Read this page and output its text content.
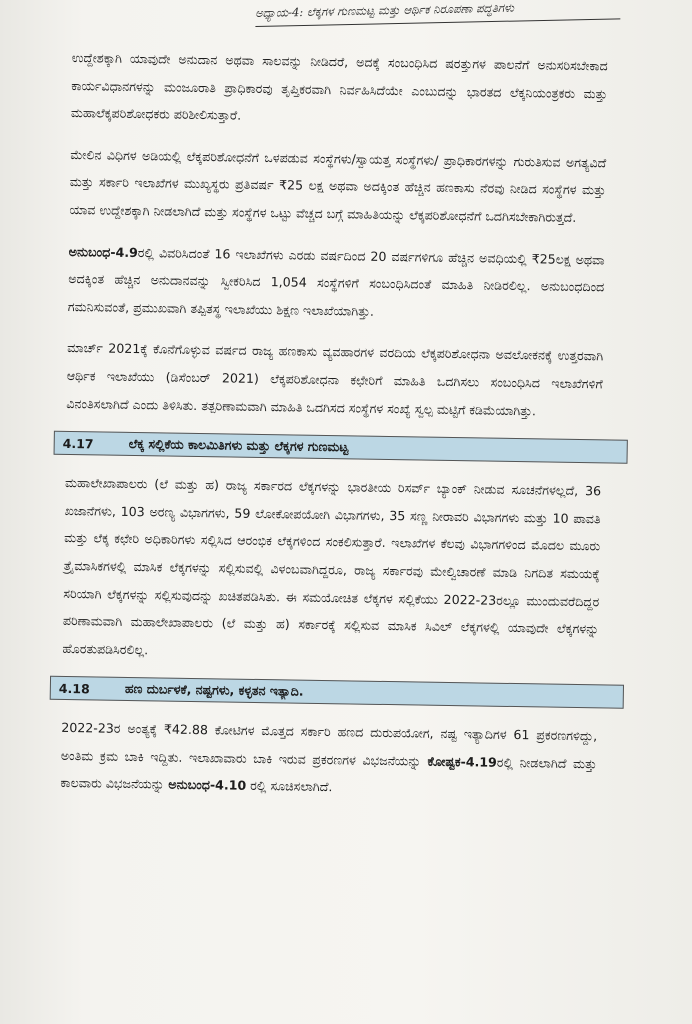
ಅಧ್ಯಾಯ-4: ಲೆಕ್ಕಗಳ ಗುಣಮಟ್ಟ ಮತ್ತು ಆರ್ಥಿಕ ನಿರೂಪಣಾ ಪದ್ಧತಿಗಳು

ಉದ್ದೇಶಕ್ಕಾಗಿ ಯಾವುದೇ ಅನುದಾನ ಅಥವಾ ಸಾಲವನ್ನು ನೀಡಿದರೆ, ಅದಕ್ಕೆ ಸಂಬಂಧಿಸಿದ ಷರತ್ತುಗಳ ಪಾಲನೆಗೆ ಅನುಸರಿಸಬೇಕಾದ ಕಾರ್ಯವಿಧಾನಗಳನ್ನು ಮಂಜೂರಾತಿ ಪ್ರಾಧಿಕಾರವು ತೃಪ್ತಿಕರವಾಗಿ ನಿರ್ವಹಿಸಿದೆಯೇ ಎಂಬುದನ್ನು ಭಾರತದ ಲೆಕ್ಕನಿಯಂತ್ರಕರು ಮತ್ತು ಮಹಾಲೆಕ್ಕಪರಿಶೋಧಕರು ಪರಿಶೀಲಿಸುತ್ತಾರೆ.

ಮೇಲಿನ ವಿಧಿಗಳ ಅಡಿಯಲ್ಲಿ ಲೆಕ್ಕಪರಿಶೋಧನೆಗೆ ಒಳಪಡುವ ಸಂಸ್ಥೆಗಳು/ಸ್ವಾಯತ್ತ ಸಂಸ್ಥೆಗಳು/ ಪ್ರಾಧಿಕಾರಗಳನ್ನು ಗುರುತಿಸುವ ಅಗತ್ಯವಿದೆ ಮತ್ತು ಸರ್ಕಾರಿ ಇಲಾಖೆಗಳ ಮುಖ್ಯಸ್ಥರು ಪ್ರತಿವರ್ಷ ₹25 ಲಕ್ಷ ಅಥವಾ ಅದಕ್ಕಿಂತ ಹೆಚ್ಚಿನ ಹಣಕಾಸು ನೆರವು ನೀಡಿದ ಸಂಸ್ಥೆಗಳ ಮತ್ತು ಯಾವ ಉದ್ದೇಶಕ್ಕಾಗಿ ನೀಡಲಾಗಿದೆ ಮತ್ತು ಸಂಸ್ಥೆಗಳ ಒಟ್ಟು ವೆಚ್ಚದ ಬಗ್ಗೆ ಮಾಹಿತಿಯನ್ನು ಲೆಕ್ಕಪರಿಶೋಧನೆಗೆ ಒದಗಿಸಬೇಕಾಗಿರುತ್ತದೆ.

ಅನುಬಂಧ-4.9ರಲ್ಲಿ ವಿವರಿಸಿದಂತೆ 16 ಇಲಾಖೆಗಳು ಎರಡು ವರ್ಷದಿಂದ 20 ವರ್ಷಗಳಿಗೂ ಹೆಚ್ಚಿನ ಅವಧಿಯಲ್ಲಿ ₹25ಲಕ್ಷ ಅಥವಾ ಅದಕ್ಕಿಂತ ಹೆಚ್ಚಿನ ಅನುದಾನವನ್ನು ಸ್ವೀಕರಿಸಿದ 1,054 ಸಂಸ್ಥೆಗಳಿಗೆ ಸಂಬಂಧಿಸಿದಂತೆ ಮಾಹಿತಿ ನೀಡಿರಲಿಲ್ಲ. ಅನುಬಂಧದಿಂದ ಗಮನಿಸುವಂತೆ, ಪ್ರಮುಖವಾಗಿ ತಪ್ಪಿತಸ್ಥ ಇಲಾಖೆಯು ಶಿಕ್ಷಣ ಇಲಾಖೆಯಾಗಿತ್ತು.

ಮಾರ್ಚ್ 2021ಕ್ಕೆ ಕೊನೆಗೊಳ್ಳುವ ವರ್ಷದ ರಾಜ್ಯ ಹಣಕಾಸು ವ್ಯವಹಾರಗಳ ವರದಿಯ ಲೆಕ್ಕಪರಿಶೋಧನಾ ಅವಲೋಕನಕ್ಕೆ ಉತ್ತರವಾಗಿ ಆರ್ಥಿಕ ಇಲಾಖೆಯು (ಡಿಸೆಂಬರ್ 2021) ಲೆಕ್ಕಪರಿಶೋಧನಾ ಕಛೇರಿಗೆ ಮಾಹಿತಿ ಒದಗಿಸಲು ಸಂಬಂಧಿಸಿದ ಇಲಾಖೆಗಳಿಗೆ ವಿನಂತಿಸಲಾಗಿದೆ ಎಂದು ತಿಳಿಸಿತು. ತತ್ಪರಿಣಾಮವಾಗಿ ಮಾಹಿತಿ ಒದಗಿಸದ ಸಂಸ್ಥೆಗಳ ಸಂಖ್ಯೆ ಸ್ವಲ್ಪ ಮಟ್ಟಿಗೆ ಕಡಿಮೆಯಾಗಿತ್ತು.

4.17	ಲೆಕ್ಕ ಸಲ್ಲಿಕೆಯ ಕಾಲಮಿತಿಗಳು ಮತ್ತು ಲೆಕ್ಕಗಳ ಗುಣಮಟ್ಟ

ಮಹಾಲೇಖಾಪಾಲರು (ಲೆ ಮತ್ತು ಹ) ರಾಜ್ಯ ಸರ್ಕಾರದ ಲೆಕ್ಕಗಳನ್ನು ಭಾರತೀಯ ರಿಸರ್ವ್ ಬ್ಯಾಂಕ್ ನೀಡುವ ಸೂಚನೆಗಳಲ್ಲದೆ, 36 ಖಜಾನೆಗಳು, 103 ಅರಣ್ಯ ವಿಭಾಗಗಳು, 59 ಲೋಕೋಪಯೋಗಿ ವಿಭಾಗಗಳು, 35 ಸಣ್ಣ ನೀರಾವರಿ ವಿಭಾಗಗಳು ಮತ್ತು 10 ಪಾವತಿ ಮತ್ತು ಲೆಕ್ಕ ಕಛೇರಿ ಅಧಿಕಾರಿಗಳು ಸಲ್ಲಿಸಿದ ಆರಂಭಿಕ ಲೆಕ್ಕಗಳಿಂದ ಸಂಕಲಿಸುತ್ತಾರೆ. ಇಲಾಖೆಗಳ ಕೆಲವು ವಿಭಾಗಗಳಿಂದ ಮೊದಲ ಮೂರು ತ್ರೈಮಾಸಿಕಗಳಲ್ಲಿ ಮಾಸಿಕ ಲೆಕ್ಕಗಳನ್ನು ಸಲ್ಲಿಸುವಲ್ಲಿ ವಿಳಂಬವಾಗಿದ್ದರೂ, ರಾಜ್ಯ ಸರ್ಕಾರವು ಮೇಲ್ವಿಚಾರಣೆ ಮಾಡಿ ನಿಗದಿತ ಸಮಯಕ್ಕೆ ಸರಿಯಾಗಿ ಲೆಕ್ಕಗಳನ್ನು ಸಲ್ಲಿಸುವುದನ್ನು ಖಚಿತಪಡಿಸಿತು. ಈ ಸಮಯೋಚಿತ ಲೆಕ್ಕಗಳ ಸಲ್ಲಿಕೆಯು 2022-23ರಲ್ಲೂ ಮುಂದುವರೆದಿದ್ದರ ಪರಿಣಾಮವಾಗಿ ಮಹಾಲೇಖಾಪಾಲರು (ಲೆ ಮತ್ತು ಹ) ಸರ್ಕಾರಕ್ಕೆ ಸಲ್ಲಿಸುವ ಮಾಸಿಕ ಸಿವಿಲ್ ಲೆಕ್ಕಗಳಲ್ಲಿ ಯಾವುದೇ ಲೆಕ್ಕಗಳನ್ನು ಹೊರತುಪಡಿಸಿರಲಿಲ್ಲ.

4.18	ಹಣ ದುರ್ಬಳಕೆ, ನಷ್ಟಗಳು, ಕಳ್ಳತನ ಇತ್ಯಾದಿ.

2022-23ರ ಅಂತ್ಯಕ್ಕೆ ₹42.88 ಕೋಟಿಗಳ ಮೊತ್ತದ ಸರ್ಕಾರಿ ಹಣದ ದುರುಪಯೋಗ, ನಷ್ಟ ಇತ್ಯಾದಿಗಳ 61 ಪ್ರಕರಣಗಳಿದ್ದು, ಅಂತಿಮ ಕ್ರಮ ಬಾಕಿ ಇದ್ದಿತು. ಇಲಾಖಾವಾರು ಬಾಕಿ ಇರುವ ಪ್ರಕರಣಗಳ ವಿಭಜನೆಯನ್ನು ಕೋಷ್ಟಕ-4.19ರಲ್ಲಿ ನೀಡಲಾಗಿದೆ ಮತ್ತು ಕಾಲವಾರು ವಿಭಜನೆಯನ್ನು ಅನುಬಂಧ-4.10 ರಲ್ಲಿ ಸೂಚಿಸಲಾಗಿದೆ.
